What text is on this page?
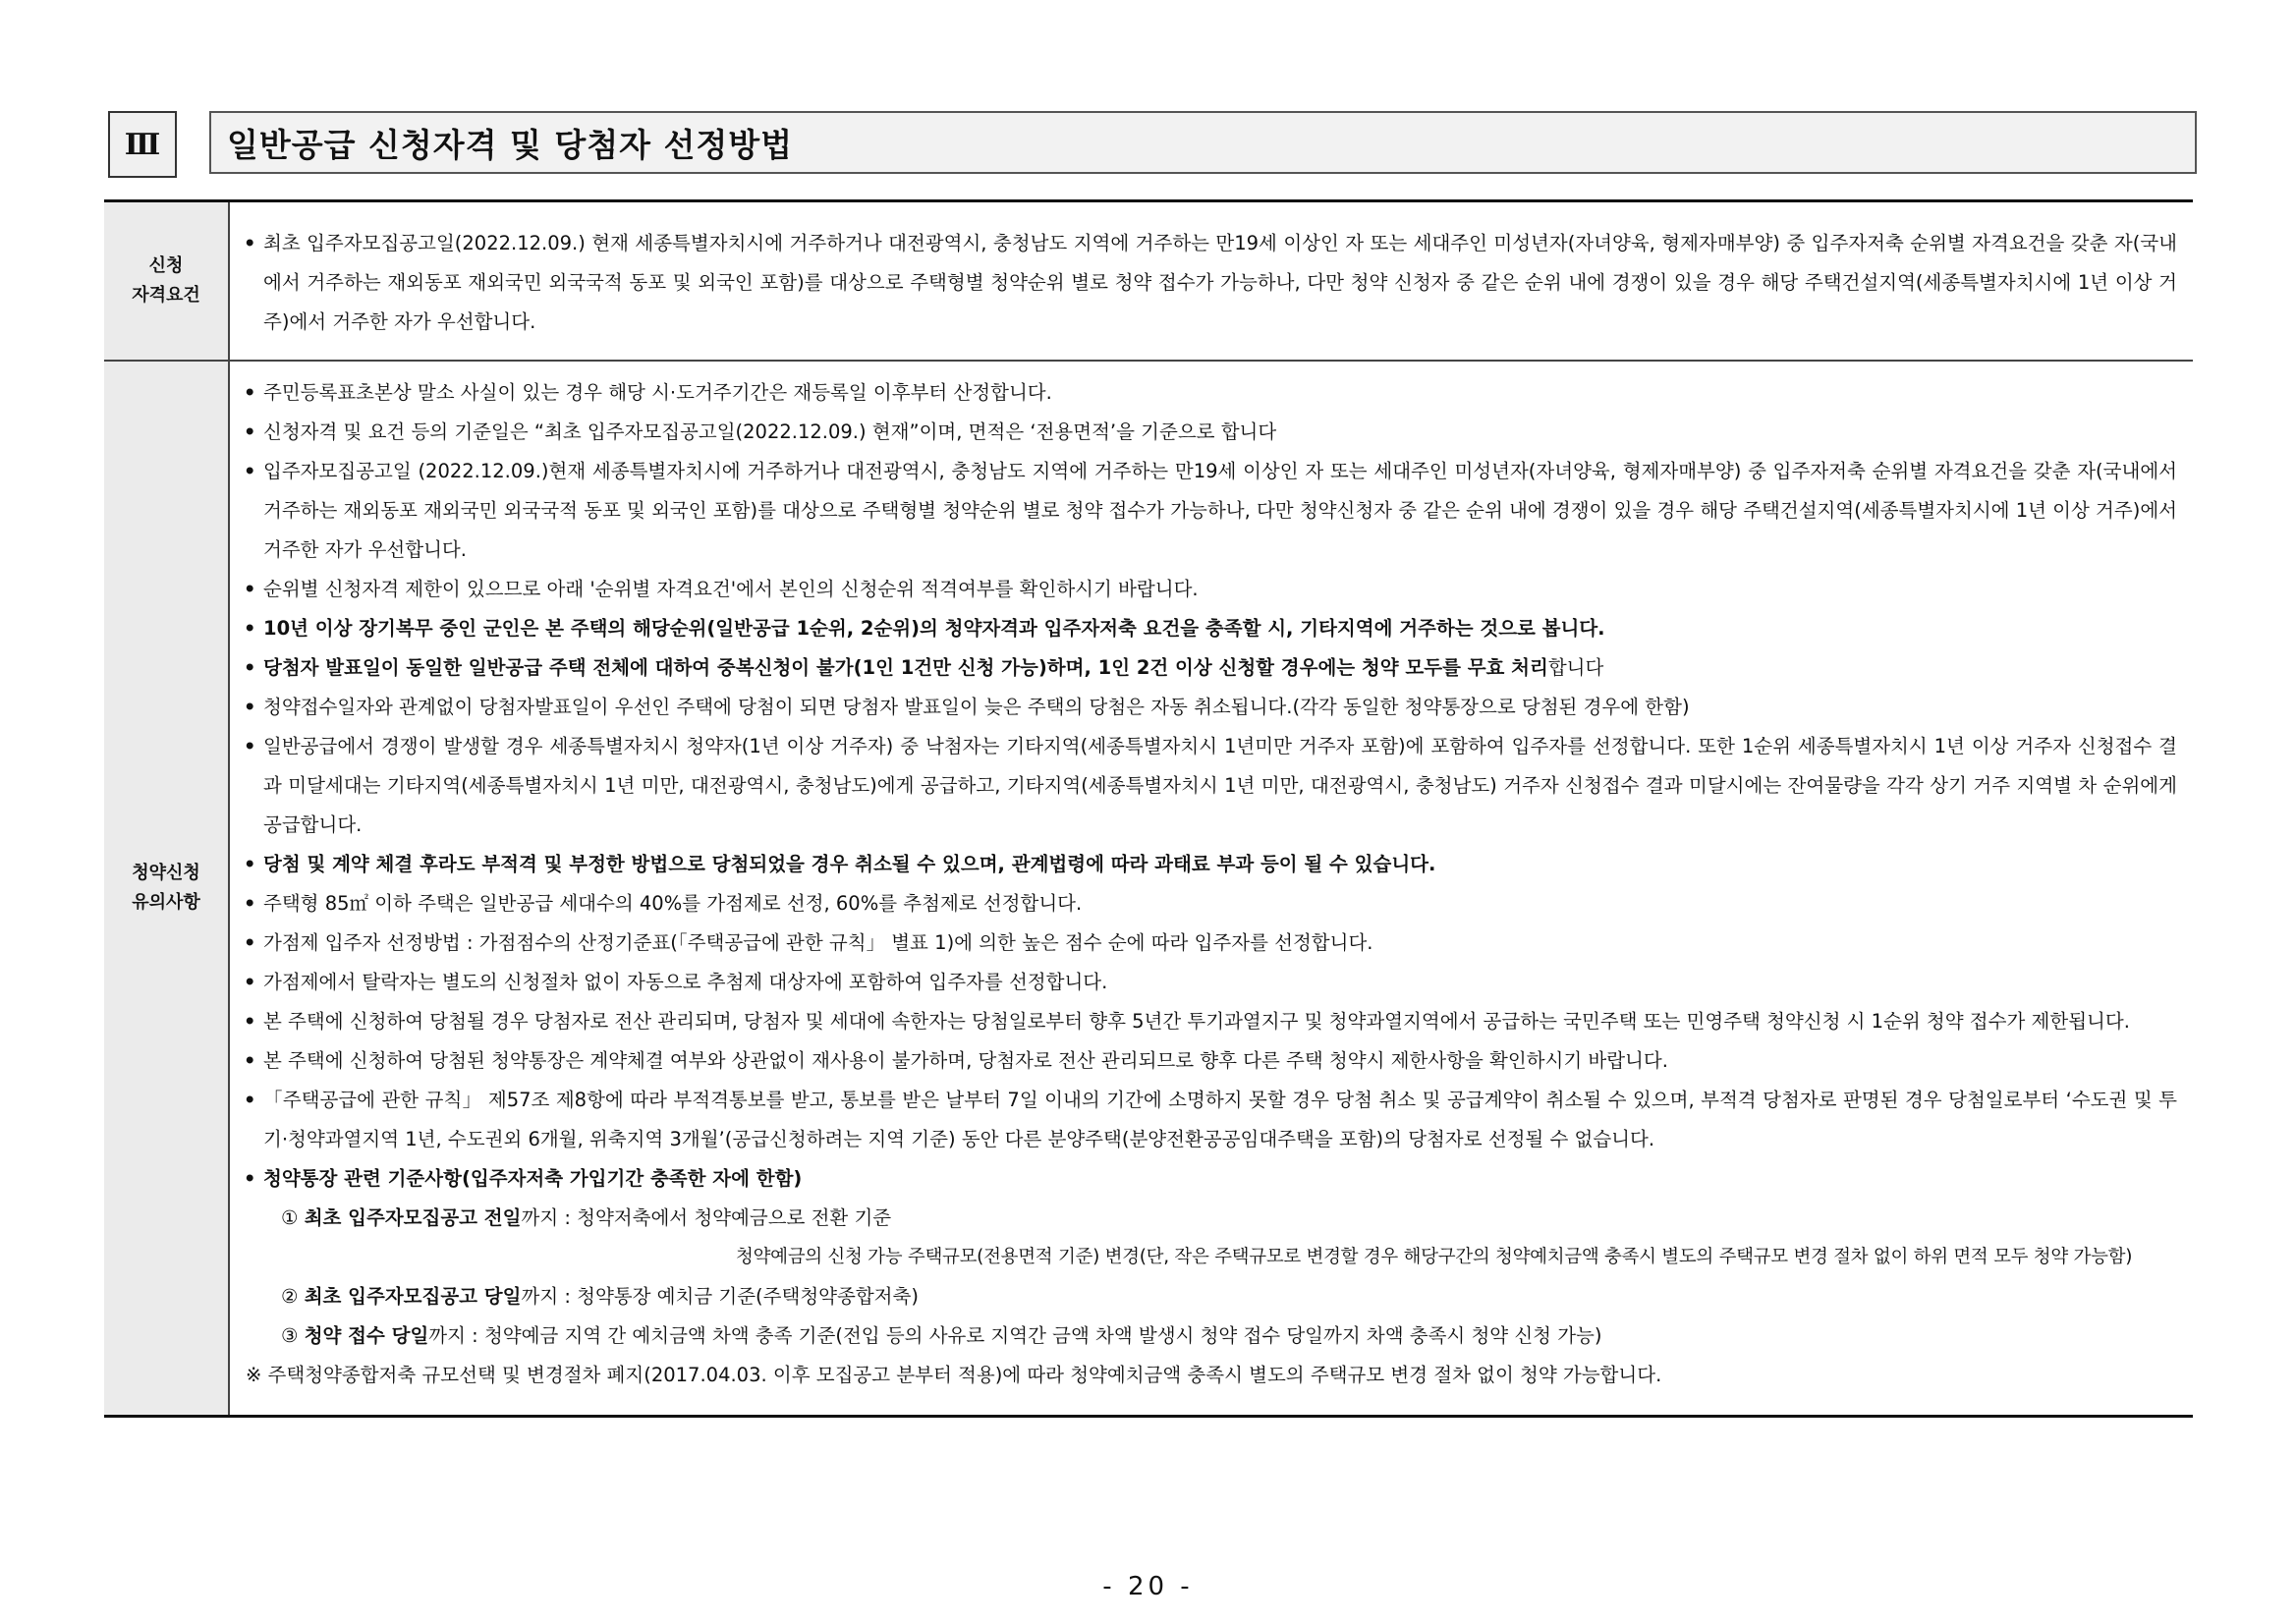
Ⅲ	일반공급 신청자격 및 당첨자 선정방법
신청
자격요건
• 최초 입주자모집공고일(2022.12.09.) 현재 세종특별자치시에 거주하거나 대전광역시, 충청남도 지역에 거주하는 만19세 이상인 자 또는 세대주인 미성년자(자녀양육, 형제자매부양) 중 입주자저축 순위별 자격요건을 갖춘 자(국내에서 거주하는 재외동포 재외국민 외국국적 동포 및 외국인 포함)를 대상으로 주택형별 청약순위 별로 청약 접수가 가능하나, 다만 청약 신청자 중 같은 순위 내에 경쟁이 있을 경우 해당 주택건설지역(세종특별자치시에 1년 이상 거주)에서 거주한 자가 우선합니다.
청약신청
유의사항
• 주민등록표초본상 말소 사실이 있는 경우 해당 시·도거주기간은 재등록일 이후부터 산정합니다.
• 신청자격 및 요건 등의 기준일은 “최초 입주자모집공고일(2022.12.09.) 현재”이며, 면적은 ‘전용면적’을 기준으로 합니다
• 입주자모집공고일 (2022.12.09.)현재 세종특별자치시에 거주하거나 대전광역시, 충청남도 지역에 거주하는 만19세 이상인 자 또는 세대주인 미성년자(자녀양육, 형제자매부양) 중 입주자저축 순위별 자격요건을 갖춘 자(국내에서 거주하는 재외동포 재외국민 외국국적 동포 및 외국인 포함)를 대상으로 주택형별 청약순위 별로 청약 접수가 가능하나, 다만 청약신청자 중 같은 순위 내에 경쟁이 있을 경우 해당 주택건설지역(세종특별자치시에 1년 이상 거주)에서 거주한 자가 우선합니다.
• 순위별 신청자격 제한이 있으므로 아래 '순위별 자격요건'에서 본인의 신청순위 적격여부를 확인하시기 바랍니다.
• 10년 이상 장기복무 중인 군인은 본 주택의 해당순위(일반공급 1순위, 2순위)의 청약자격과 입주자저축 요건을 충족할 시, 기타지역에 거주하는 것으로 봅니다.
• 당첨자 발표일이 동일한 일반공급 주택 전체에 대하여 중복신청이 불가(1인 1건만 신청 가능)하며, 1인 2건 이상 신청할 경우에는 청약 모두를 무효 처리합니다
• 청약접수일자와 관계없이 당첨자발표일이 우선인 주택에 당첨이 되면 당첨자 발표일이 늦은 주택의 당첨은 자동 취소됩니다.(각각 동일한 청약통장으로 당첨된 경우에 한함)
• 일반공급에서 경쟁이 발생할 경우 세종특별자치시 청약자(1년 이상 거주자) 중 낙첨자는 기타지역(세종특별자치시 1년미만 거주자 포함)에 포함하여 입주자를 선정합니다. 또한 1순위 세종특별자치시 1년 이상 거주자 신청접수 결과 미달세대는 기타지역(세종특별자치시 1년 미만, 대전광역시, 충청남도)에게 공급하고, 기타지역(세종특별자치시 1년 미만, 대전광역시, 충청남도) 거주자 신청접수 결과 미달시에는 잔여물량을 각각 상기 거주 지역별 차 순위에게 공급합니다.
• 당첨 및 계약 체결 후라도 부적격 및 부정한 방법으로 당첨되었을 경우 취소될 수 있으며, 관계법령에 따라 과태료 부과 등이 될 수 있습니다.
• 주택형 85㎡ 이하 주택은 일반공급 세대수의 40%를 가점제로 선정, 60%를 추첨제로 선정합니다.
• 가점제 입주자 선정방법 : 가점점수의 산정기준표(「주택공급에 관한 규칙」 별표 1)에 의한 높은 점수 순에 따라 입주자를 선정합니다.
• 가점제에서 탈락자는 별도의 신청절차 없이 자동으로 추첨제 대상자에 포함하여 입주자를 선정합니다.
• 본 주택에 신청하여 당첨될 경우 당첨자로 전산 관리되며, 당첨자 및 세대에 속한자는 당첨일로부터 향후 5년간 투기과열지구 및 청약과열지역에서 공급하는 국민주택 또는 민영주택 청약신청 시 1순위 청약 접수가 제한됩니다.
• 본 주택에 신청하여 당첨된 청약통장은 계약체결 여부와 상관없이 재사용이 불가하며, 당첨자로 전산 관리되므로 향후 다른 주택 청약시 제한사항을 확인하시기 바랍니다.
• 「주택공급에 관한 규칙」 제57조 제8항에 따라 부적격통보를 받고, 통보를 받은 날부터 7일 이내의 기간에 소명하지 못할 경우 당첨 취소 및 공급계약이 취소될 수 있으며, 부적격 당첨자로 판명된 경우 당첨일로부터 ‘수도권 및 투기·청약과열지역 1년, 수도권외 6개월, 위축지역 3개월’(공급신청하려는 지역 기준) 동안 다른 분양주택(분양전환공공임대주택을 포함)의 당첨자로 선정될 수 없습니다.
• 청약통장 관련 기준사항(입주자저축 가입기간 충족한 자에 한함)
① 최초 입주자모집공고 전일까지 : 청약저축에서 청약예금으로 전환 기준
청약예금의 신청 가능 주택규모(전용면적 기준) 변경(단, 작은 주택규모로 변경할 경우 해당구간의 청약예치금액 충족시 별도의 주택규모 변경 절차 없이 하위 면적 모두 청약 가능함)
② 최초 입주자모집공고 당일까지 : 청약통장 예치금 기준(주택청약종합저축)
③ 청약 접수 당일까지 : 청약예금 지역 간 예치금액 차액 충족 기준(전입 등의 사유로 지역간 금액 차액 발생시 청약 접수 당일까지 차액 충족시 청약 신청 가능)
※ 주택청약종합저축 규모선택 및 변경절차 폐지(2017.04.03. 이후 모집공고 분부터 적용)에 따라 청약예치금액 충족시 별도의 주택규모 변경 절차 없이 청약 가능합니다.
- 20 -
